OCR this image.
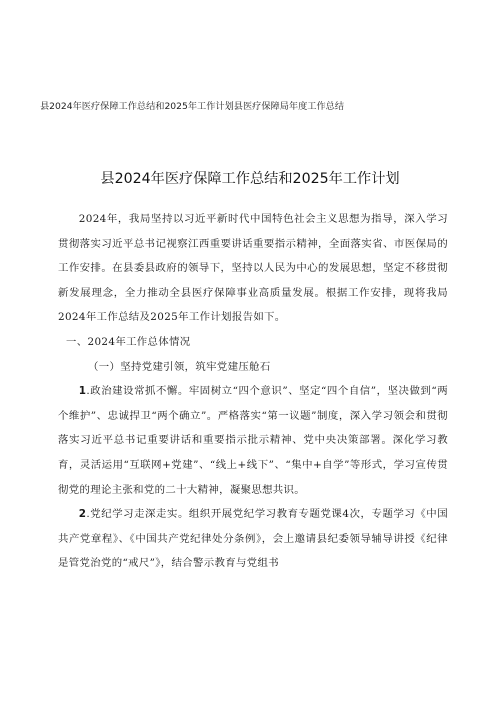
县2024年医疗保障工作总结和2025年工作计划县医疗保障局年度工作总结
县2024年医疗保障工作总结和2025年工作计划

2024年，我局坚持以习近平新时代中国特色社会主义思想为指导，深入学习贯彻落实习近平总书记视察江西重要讲话重要指示精神，全面落实省、市医保局的工作安排。在县委县政府的领导下，坚持以人民为中心的发展思想，坚定不移贯彻新发展理念，全力推动全县医疗保障事业高质量发展。根据工作安排，现将我局2024年工作总结及2025年工作计划报告如下。

一、2024年工作总体情况

（一）坚持党建引领，筑牢党建压舱石

1.政治建设常抓不懈。牢固树立“四个意识”、坚定“四个自信”，坚决做到“两个维护”、忠诚捍卫“两个确立”。严格落实“第一议题”制度，深入学习领会和贯彻落实习近平总书记重要讲话和重要指示批示精神、党中央决策部署。深化学习教育，灵活运用“互联网+党建”、“线上+线下”、“集中+自学”等形式，学习宣传贯彻党的理论主张和党的二十大精神，凝聚思想共识。

2.党纪学习走深走实。组织开展党纪学习教育专题党课4次，专题学习《中国共产党章程》、《中国共产党纪律处分条例》，会上邀请县纪委领导辅导讲授《纪律是管党治党的“戒尺”》，结合警示教育与党组书
